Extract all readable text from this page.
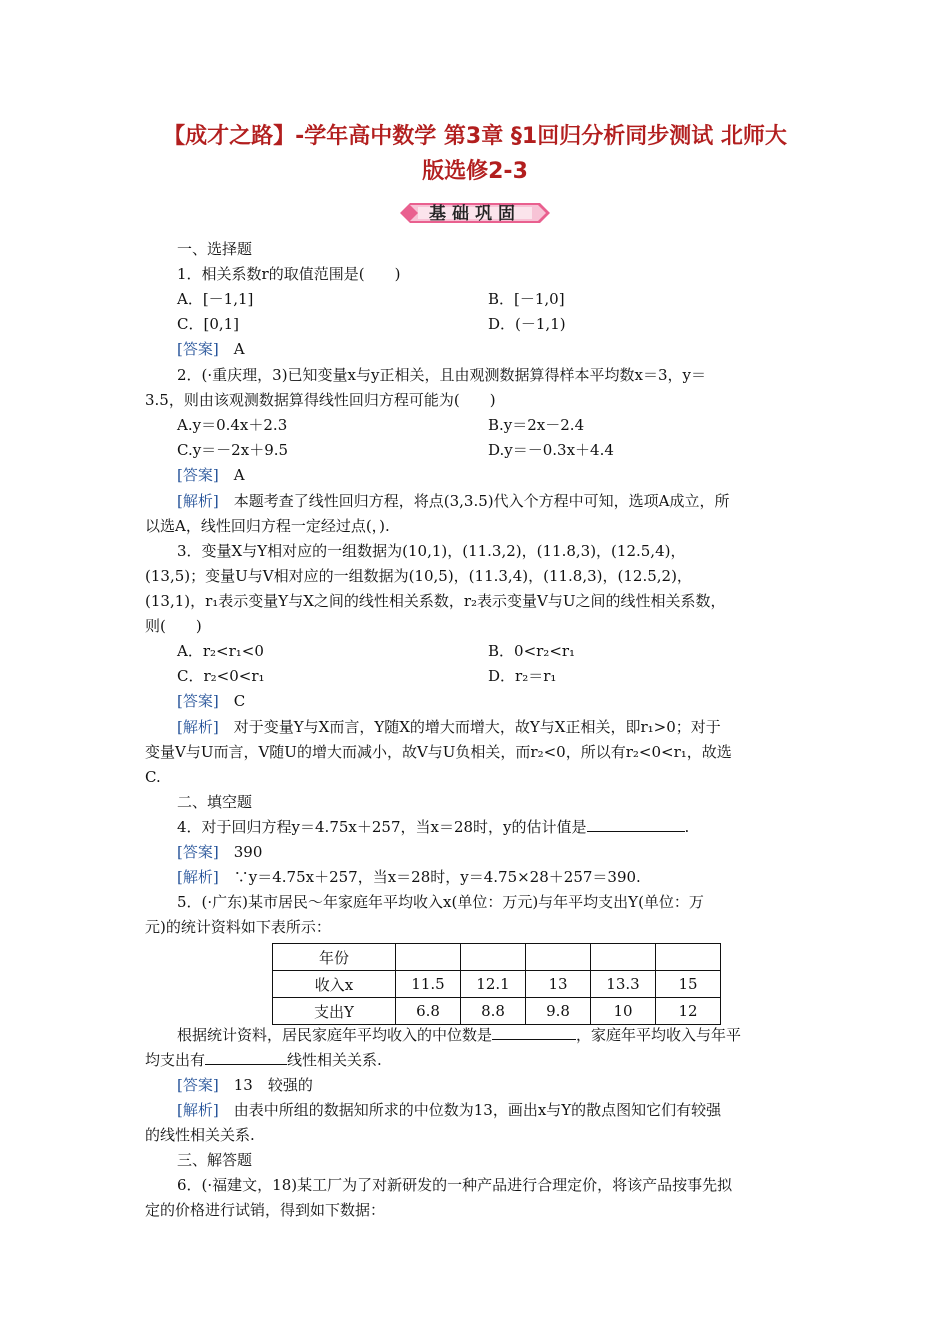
【成才之路】-学年高中数学 第3章 §1回归分析同步测试 北师大
版选修2-3
基础巩固
一、选择题
1．相关系数r的取值范围是(　　)
A．[－1,1]	B．[－1,0]
C．[0,1]	D．(－1,1)
[答案]　 A
2．(·重庆理，3)已知变量x与y正相关，且由观测数据算得样本平均数x＝3，y＝
3.5，则由该观测数据算得线性回归方程可能为(　　)
A.y＝0.4x＋2.3	B.y＝2x－2.4
C.y＝－2x＋9.5	D.y＝－0.3x＋4.4
[答案]　 A
[解析]　 本题考查了线性回归方程，将点(3,3.5)代入个方程中可知，选项A成立，所
以选A，线性回归方程一定经过点(，).
3．变量X与Y相对应的一组数据为(10,1)，(11.3,2)，(11.8,3)，(12.5,4)，
(13,5)；变量U与V相对应的一组数据为(10,5)，(11.3,4)，(11.8,3)，(12.5,2)，
(13,1)，r₁表示变量Y与X之间的线性相关系数，r₂表示变量V与U之间的线性相关系数，
则(　　)
A．r₂<r₁<0	B．0<r₂<r₁
C．r₂<0<r₁	D．r₂＝r₁
[答案]　 C
[解析]　 对于变量Y与X而言，Y随X的增大而增大，故Y与X正相关，即r₁>0；对于
变量V与U而言，V随U的增大而减小，故V与U负相关，而r₂<0，所以有r₂<0<r₁，故选
C.
二、填空题
4．对于回归方程y＝4.75x＋257，当x＝28时，y的估计值是	.
[答案]　 390
[解析]　 ∵y＝4.75x＋257，当x＝28时，y＝4.75×28＋257＝390.
5．(·广东)某市居民～年家庭年平均收入x(单位：万元)与年平均支出Y(单位：万
元)的统计资料如下表所示：
年份					
收入x	11.5	12.1	13	13.3	15
支出Y	6.8	8.8	9.8	10	12
根据统计资料，居民家庭年平均收入的中位数是	，家庭年平均收入与年平
均支出有	线性相关关系.
[答案]　 13　较强的
[解析]　 由表中所组的数据知所求的中位数为13，画出x与Y的散点图知它们有较强
的线性相关关系.
三、解答题
6．(·福建文，18)某工厂为了对新研发的一种产品进行合理定价，将该产品按事先拟
定的价格进行试销，得到如下数据：
